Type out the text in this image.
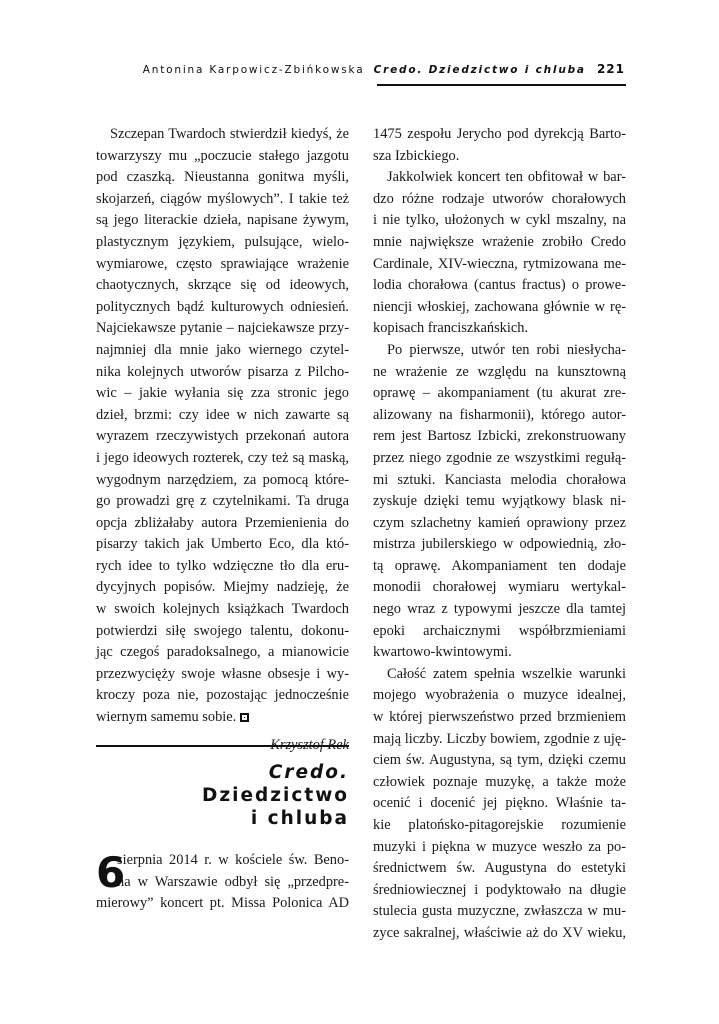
Antonina Karpowicz-Zbińkowska Credo. Dziedzictwo i chluba 221

Szczepan Twardoch stwierdził kiedyś, że
towarzyszy mu „poczucie stałego jazgotu
pod czaszką. Nieustanna gonitwa myśli,
skojarzeń, ciągów myślowych”. I takie też
są jego literackie dzieła, napisane żywym,
plastycznym językiem, pulsujące, wielo-
wymiarowe, często sprawiające wrażenie
chaotycznych, skrzące się od ideowych,
politycznych bądź kulturowych odniesień.
Najciekawsze pytanie – najciekawsze przy-
najmniej dla mnie jako wiernego czytel-
nika kolejnych utworów pisarza z Pilcho-
wic – jakie wyłania się zza stronic jego
dzieł, brzmi: czy idee w nich zawarte są
wyrazem rzeczywistych przekonań autora
i jego ideowych rozterek, czy też są maską,
wygodnym narzędziem, za pomocą które-
go prowadzi grę z czytelnikami. Ta druga
opcja zbliżałaby autora Przemienienia do
pisarzy takich jak Umberto Eco, dla któ-
rych idee to tylko wdzięczne tło dla eru-
dycyjnych popisów. Miejmy nadzieję, że
w swoich kolejnych książkach Twardoch
potwierdzi siłę swojego talentu, dokonu-
jąc czegoś paradoksalnego, a mianowicie
przezwycięży swoje własne obsesje i wy-
kroczy poza nie, pozostając jednocześnie
wiernym samemu sobie.

Krzysztof Rek
Credo.
Dziedzictwo
i chluba
6
sierpnia 2014 r. w kościele św. Beno-
na w Warszawie odbył się „przedpre-
mierowy” koncert pt. Missa Polonica AD

1475 zespołu Jerycho pod dyrekcją Barto-
sza Izbickiego.

Jakkolwiek koncert ten obfitował w bar-
dzo różne rodzaje utworów chorałowych
i nie tylko, ułożonych w cykl mszalny, na
mnie największe wrażenie zrobiło Credo
Cardinale, XIV-wieczna, rytmizowana me-
lodia chorałowa (cantus fractus) o prowe-
niencji włoskiej, zachowana głównie w rę-
kopisach franciszkańskich.

Po pierwsze, utwór ten robi niesłycha-
ne wrażenie ze względu na kunsztowną
oprawę – akompaniament (tu akurat zre-
alizowany na fisharmonii), którego autor-
rem jest Bartosz Izbicki, zrekonstruowany
przez niego zgodnie ze wszystkimi regułą-
mi sztuki. Kanciasta melodia chorałowa
zyskuje dzięki temu wyjątkowy blask ni-
czym szlachetny kamień oprawiony przez
mistrza jubilerskiego w odpowiednią, zło-
tą oprawę. Akompaniament ten dodaje
monodii chorałowej wymiaru wertykal-
nego wraz z typowymi jeszcze dla tamtej
epoki archaicznymi współbrzmieniami
kwartowo-kwintowymi.

Całość zatem spełnia wszelkie warunki
mojego wyobrażenia o muzyce idealnej,
w której pierwszeństwo przed brzmieniem
mają liczby. Liczby bowiem, zgodnie z uję-
ciem św. Augustyna, są tym, dzięki czemu
człowiek poznaje muzykę, a także może
ocenić i docenić jej piękno. Właśnie ta-
kie platońsko-pitagorejskie rozumienie
muzyki i piękna w muzyce weszło za po-
średnictwem św. Augustyna do estetyki
średniowiecznej i podyktowało na długie
stulecia gusta muzyczne, zwłaszcza w mu-
zyce sakralnej, właściwie aż do XV wieku,
